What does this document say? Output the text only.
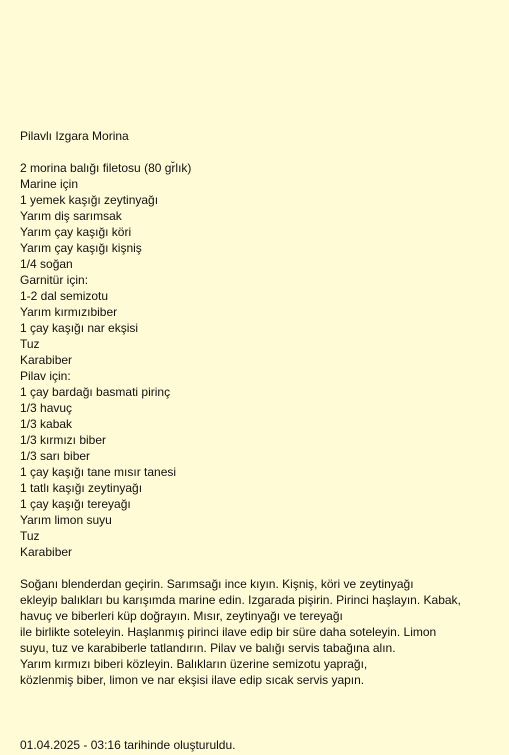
Pilavlı Izgara Morina
2 morina balığı filetosu (80 gr̆lık)
Marine için
1 yemek kaşığı zeytinyağı
Yarım diş sarımsak
Yarım çay kaşığı köri
Yarım çay kaşığı kişniş
1/4 soğan
Garnitür için:
1-2 dal semizotu
Yarım kırmızıbiber
1 çay kaşığı nar ekşisi
Tuz
Karabiber
Pilav için:
1 çay bardağı basmati pirinç
1/3 havuç
1/3 kabak
1/3 kırmızı biber
1/3 sarı biber
1 çay kaşığı tane mısır tanesi
1 tatlı kaşığı zeytinyağı
1 çay kaşığı tereyağı
Yarım limon suyu
Tuz
Karabiber
Soğanı blenderdan geçirin. Sarımsağı ince kıyın. Kişniş, köri ve zeytinyağı
ekleyip balıkları bu karışımda marine edin. Izgarada pişirin. Pirinci haşlayın. Kabak,
havuç ve biberleri küp doğrayın. Mısır, zeytinyağı ve tereyağı
ile birlikte soteleyin. Haşlanmış pirinci ilave edip bir süre daha soteleyin. Limon
suyu, tuz ve karabiberle tatlandırın. Pilav ve balığı servis tabağına alın.
Yarım kırmızı biberi közleyin. Balıkların üzerine semizotu yaprağı,
közlenmiş biber, limon ve nar ekşisi ilave edip sıcak servis yapın.
01.04.2025 - 03:16 tarihinde oluşturuldu.
